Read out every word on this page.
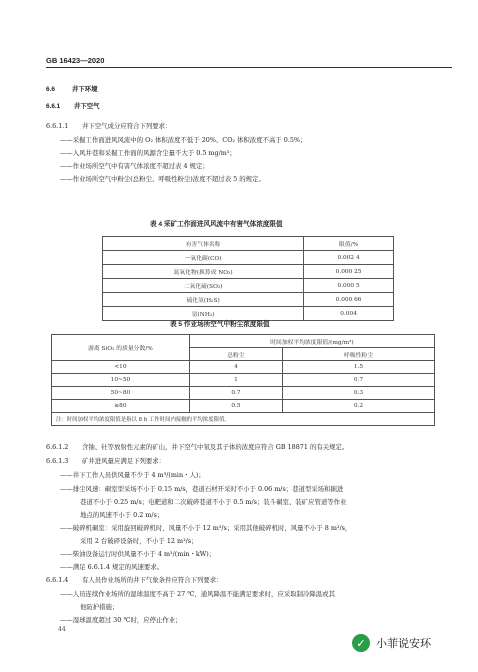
GB 16423—2020
6.6	井下环境
6.6.1 井下空气
6.6.1.1 井下空气成分应符合下列要求：
——采掘工作面进风风流中的 O₂ 体积浓度不低于 20%、CO₂ 体积浓度不高于 0.5%；
——入风井巷和采掘工作面的风源含尘量不大于 0.5 mg/m³；
——作业场所空气中有害气体浓度不超过表 4 规定；
——作业场所空气中粉尘(总粉尘、呼吸性粉尘)浓度不超过表 5 的规定。
表 4 采矿工作面进风风流中有害气体浓度限值
有害气体名称	限值/%
一氧化碳(CO)	0.002 4
氮氧化物(换算成 NO₂)	0.000 25
二氧化硫(SO₂)	0.000 5
硫化氢(H₂S)	0.000 66
氨(NH₃)	0.004
表 5 作业场所空气中粉尘浓度限值
游离 SiO₂ 的质量分数/%	时间加权平均浓度限值/(mg/m³)	
	总粉尘	呼吸性粉尘
<10	4	1.5
10~50	1	0.7
50~80	0.7	0.3
≥80	0.5	0.2
注：时间加权平均浓度限值是指以 8 h 工作时间内接触的平均浓度限值。		
6.6.1.2 含铀、钍等放射性元素的矿山，井下空气中氡及其子体的浓度应符合 GB 18871 的有关规定。
6.6.1.3 矿井进风量应满足下列要求：
——井下工作人员供风量不少于 4 m³/(min・人)；
——排尘风速：硐室型采场不小于 0.15 m/s，巷道石材开采时不小于 0.06 m/s；巷道型采场和掘进
巷道不小于 0.25 m/s；电耙道和二次破碎巷道不小于 0.5 m/s；装斗硐室、装矿应管道等作业
地点的风速不小于 0.2 m/s；
——破碎机硐室：采用旋回破碎机时，风量不小于 12 m³/s；采用其他破碎机时，风量不小于 8 m³/s，
采用 2 台破碎设备时，不小于 12 m³/s；
——柴油设备运行时供风量不小于 4 m³/(min・kW)；
——满足 6.6.1.4 规定的风速要求。
6.6.1.4 有人员作业场所的井下气象条件应符合下列要求：
——人员连续作业场所的湿球温度不高于 27 ℃，通风降温不能满足要求时，应采取制冷降温或其
他防护措施；
——湿球温度超过 30 ℃时，应停止作业；
44
✓ 小菲说安环
